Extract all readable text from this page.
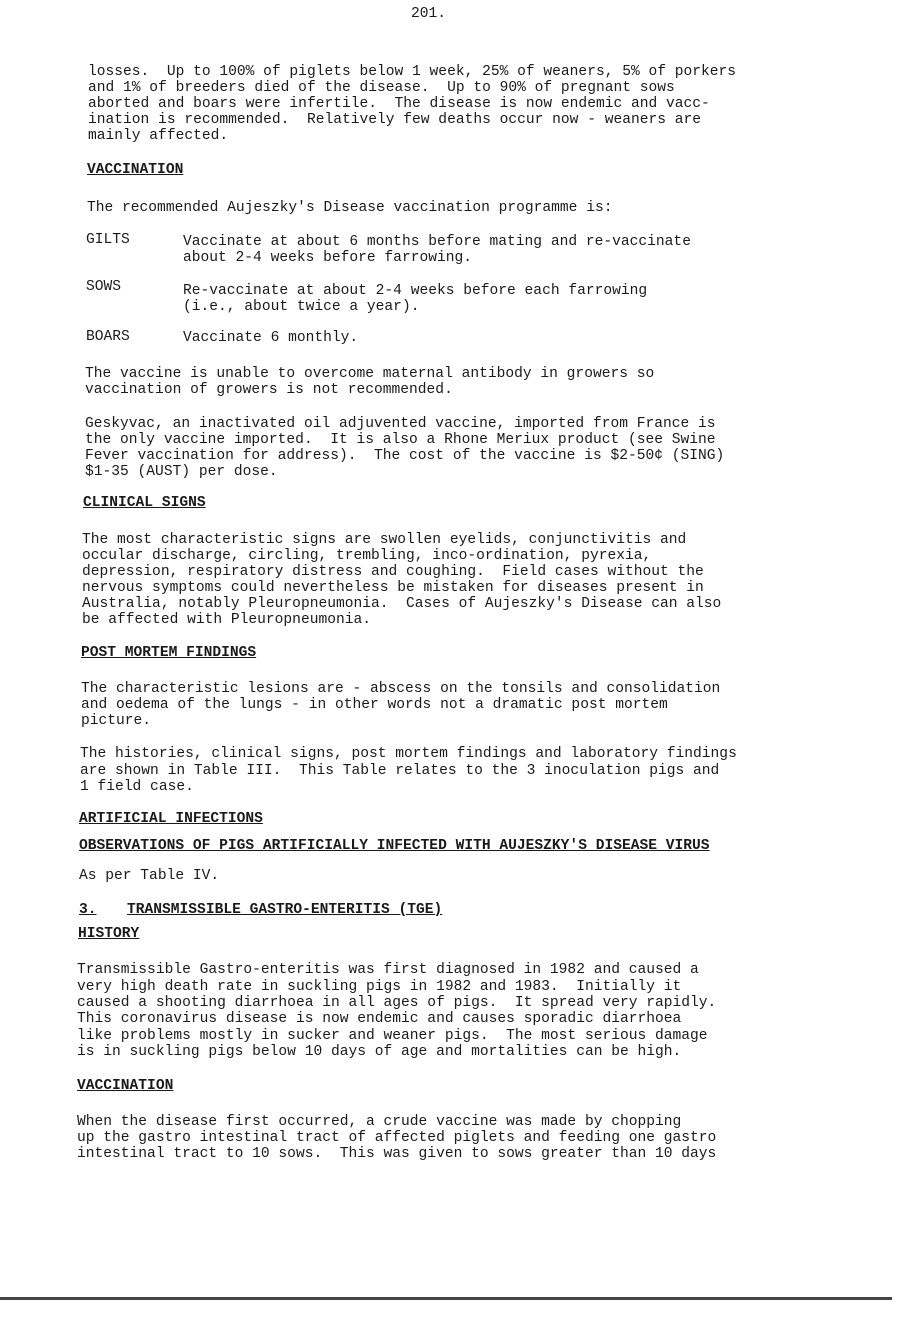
201.
losses.  Up to 100% of piglets below 1 week, 25% of weaners, 5% of porkers
and 1% of breeders died of the disease.  Up to 90% of pregnant sows
aborted and boars were infertile.  The disease is now endemic and vacc-
ination is recommended.  Relatively few deaths occur now - weaners are
mainly affected.
VACCINATION
The recommended Aujeszky's Disease vaccination programme is:
GILTS	Vaccinate at about 6 months before mating and re-vaccinate
about 2-4 weeks before farrowing.
SOWS	Re-vaccinate at about 2-4 weeks before each farrowing
(i.e., about twice a year).
BOARS	Vaccinate 6 monthly.
The vaccine is unable to overcome maternal antibody in growers so
vaccination of growers is not recommended.
Geskyvac, an inactivated oil adjuvented vaccine, imported from France is
the only vaccine imported.  It is also a Rhone Meriux product (see Swine
Fever vaccination for address).  The cost of the vaccine is $2-50¢ (SING)
$1-35 (AUST) per dose.
CLINICAL SIGNS
The most characteristic signs are swollen eyelids, conjunctivitis and
occular discharge, circling, trembling, inco-ordination, pyrexia,
depression, respiratory distress and coughing.  Field cases without the
nervous symptoms could nevertheless be mistaken for diseases present in
Australia, notably Pleuropneumonia.  Cases of Aujeszky's Disease can also
be affected with Pleuropneumonia.
POST MORTEM FINDINGS
The characteristic lesions are - abscess on the tonsils and consolidation
and oedema of the lungs - in other words not a dramatic post mortem
picture.
The histories, clinical signs, post mortem findings and laboratory findings
are shown in Table III.  This Table relates to the 3 inoculation pigs and
1 field case.
ARTIFICIAL INFECTIONS
OBSERVATIONS OF PIGS ARTIFICIALLY INFECTED WITH AUJESZKY'S DISEASE VIRUS
As per Table IV.
3. TRANSMISSIBLE GASTRO-ENTERITIS (TGE)
HISTORY
Transmissible Gastro-enteritis was first diagnosed in 1982 and caused a
very high death rate in suckling pigs in 1982 and 1983.  Initially it
caused a shooting diarrhoea in all ages of pigs.  It spread very rapidly.
This coronavirus disease is now endemic and causes sporadic diarrhoea
like problems mostly in sucker and weaner pigs.  The most serious damage
is in suckling pigs below 10 days of age and mortalities can be high.
VACCINATION
When the disease first occurred, a crude vaccine was made by chopping
up the gastro intestinal tract of affected piglets and feeding one gastro
intestinal tract to 10 sows.  This was given to sows greater than 10 days
